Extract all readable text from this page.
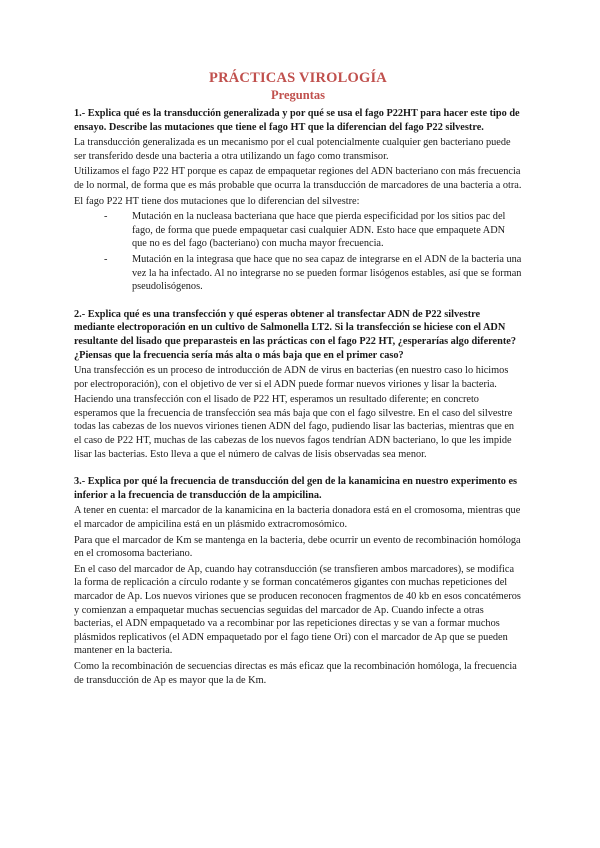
PRÁCTICAS VIROLOGÍA
Preguntas
1.- Explica qué es la transducción generalizada y por qué se usa el fago P22HT para hacer este tipo de ensayo. Describe las mutaciones que tiene el fago HT que la diferencian del fago P22 silvestre.

La transducción generalizada es un mecanismo por el cual potencialmente cualquier gen bacteriano puede ser transferido desde una bacteria a otra utilizando un fago como transmisor.

Utilizamos el fago P22 HT porque es capaz de empaquetar regiones del ADN bacteriano con más frecuencia de lo normal, de forma que es más probable que ocurra la transducción de marcadores de una bacteria a otra.

El fago P22 HT tiene dos mutaciones que lo diferencian del silvestre:

- Mutación en la nucleasa bacteriana que hace que pierda especificidad por los sitios pac del fago, de forma que puede empaquetar casi cualquier ADN. Esto hace que empaquete ADN que no es del fago (bacteriano) con mucha mayor frecuencia.
- Mutación en la integrasa que hace que no sea capaz de integrarse en el ADN de la bacteria una vez la ha infectado. Al no integrarse no se pueden formar lisógenos estables, así que se forman pseudolisógenos.
2.- Explica qué es una transfección y qué esperas obtener al transfectar ADN de P22 silvestre mediante electroporación en un cultivo de Salmonella LT2. Si la transfección se hiciese con el ADN resultante del lisado que preparasteis en las prácticas con el fago P22 HT, ¿esperarías algo diferente?¿Piensas que la frecuencia sería más alta o más baja que en el primer caso?

Una transfección es un proceso de introducción de ADN de virus en bacterias (en nuestro caso lo hicimos por electroporación), con el objetivo de ver si el ADN puede formar nuevos viriones y lisar la bacteria.

Haciendo una transfección con el lisado de P22 HT, esperamos un resultado diferente; en concreto esperamos que la frecuencia de transfección sea más baja que con el fago silvestre. En el caso del silvestre todas las cabezas de los nuevos viriones tienen ADN del fago, pudiendo lisar las bacterias, mientras que en el caso de P22 HT, muchas de las cabezas de los nuevos fagos tendrían ADN bacteriano, lo que les impide lisar las bacterias. Esto lleva a que el número de calvas de lisis observadas sea menor.

3.- Explica por qué la frecuencia de transducción del gen de la kanamicina en nuestro experimento es inferior a la frecuencia de transducción de la ampicilina.

A tener en cuenta: el marcador de la kanamicina en la bacteria donadora está en el cromosoma, mientras que el marcador de ampicilina está en un plásmido extracromosómico.

Para que el marcador de Km se mantenga en la bacteria, debe ocurrir un evento de recombinación homóloga en el cromosoma bacteriano.

En el caso del marcador de Ap, cuando hay cotransducción (se transfieren ambos marcadores), se modifica la forma de replicación a círculo rodante y se forman concatémeros gigantes con muchas repeticiones del marcador de Ap. Los nuevos viriones que se producen reconocen fragmentos de 40 kb en esos concatémeros y comienzan a empaquetar muchas secuencias seguidas del marcador de Ap. Cuando infecte a otras bacterias, el ADN empaquetado va a recombinar por las repeticiones directas y se van a formar muchos plásmidos replicativos (el ADN empaquetado por el fago tiene Ori) con el marcador de Ap que se pueden mantener en la bacteria.

Como la recombinación de secuencias directas es más eficaz que la recombinación homóloga, la frecuencia de transducción de Ap es mayor que la de Km.
